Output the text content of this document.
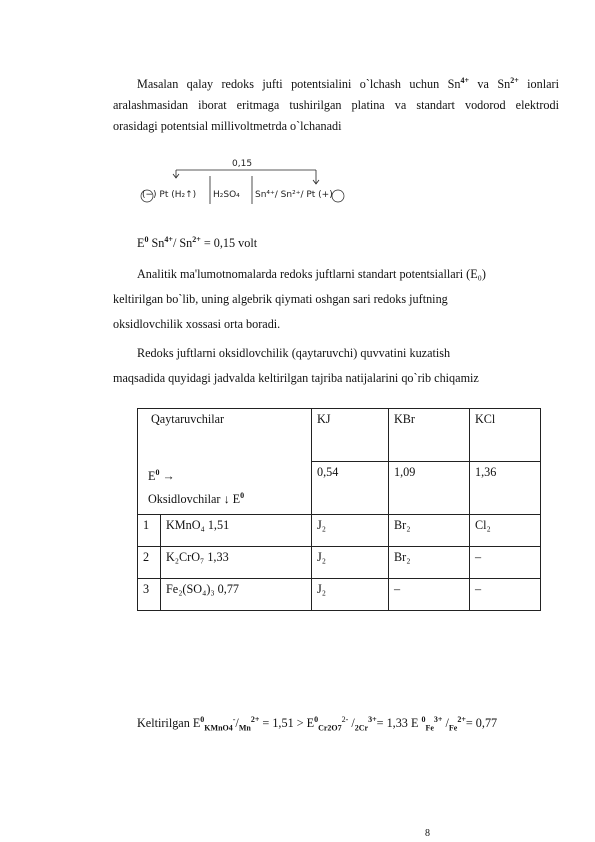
Masalan qalay redoks jufti potentsialini o`lchash uchun $Sn^{4+}$ va $Sn^{2+}$ ionlari
aralashmasidan iborat eritmaga tushirilgan platina va standart vodorod elektrodi
orasidagi potentsial millivoltmetrda o`lchanadi
0,15
(−) Pt (H₂↑) H₂SO₄ Sn⁴⁺/ Sn²⁺/ Pt (+)
$E^0$ $Sn^{4+}/$ $Sn^{2+} = 0,15$ volt
Analitik ma'lumotnomalarda redoks juftlarni standart potentsiallari (E₀)
keltirilgan bo`lib, uning algebrik qiymati oshgan sari redoks juftning
oksidlovchilik xossasi orta boradi.
Redoks juftlarni oksidlovchilik (qaytaruvchi) quvvatini kuzatish
maqsadida quyidagi jadvalda keltirilgan tajriba natijalarini qo`rib chiqamiz
Qaytaruvchilar
$E^0$ →
Oksidlovchilar ↓ $E^0$		KJ	KBr	KCl
		0,54	1,09	1,36
1	KMnO₄ 1,51	J₂	Br₂	Cl₂
2	K₂CrO₇ 1,33	J₂	Br₂	–
3	Fe₂(SO₄)₃ 0,77	J₂	–	–
Keltirilgan $E^0_{KMnO4}^-/_{Mn}^{2+} = 1,51 > E^0_{Cr2O7}^{2-}$ $/_{2Cr}^{3+}= 1,33$ E $^0_{Fe}^{3+}$ $/_{Fe}^{2+}= 0,77$
8
